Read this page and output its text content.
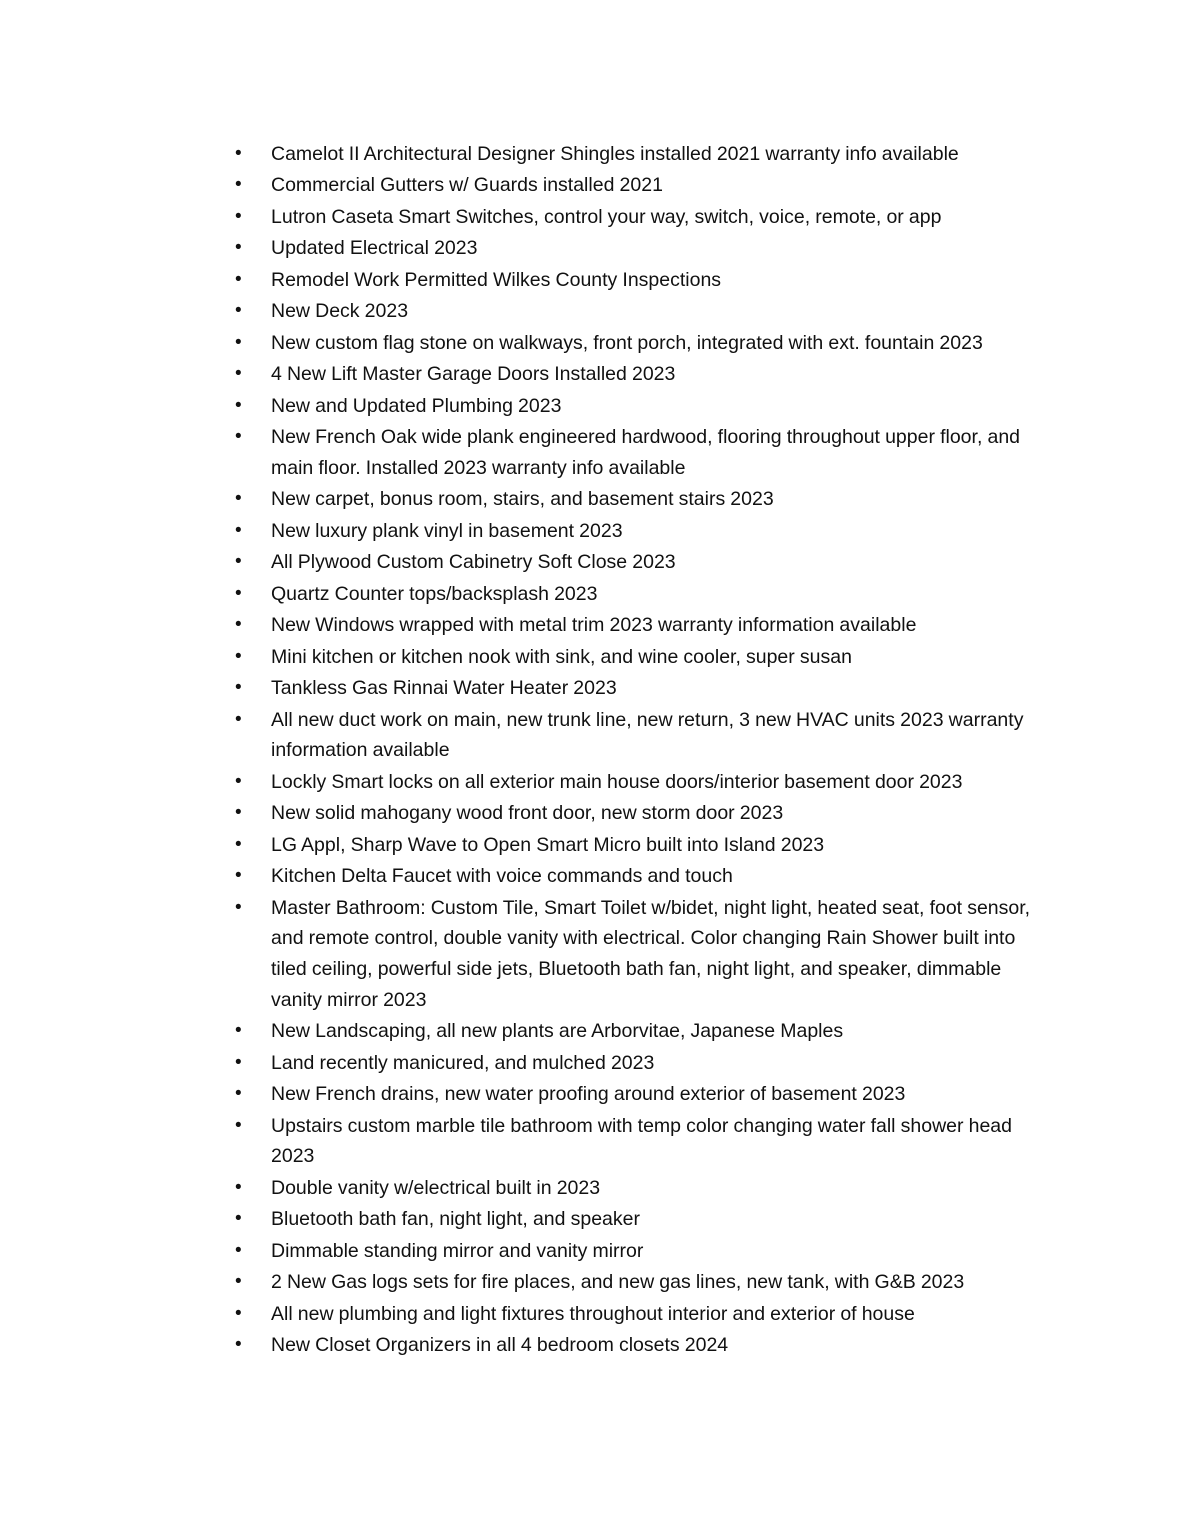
•	Camelot II Architectural Designer Shingles installed 2021 warranty info available
•	Commercial Gutters w/ Guards installed 2021
•	Lutron Caseta Smart Switches, control your way, switch, voice, remote, or app
•	Updated Electrical 2023
•	Remodel Work Permitted Wilkes County Inspections
•	New Deck 2023
•	New custom flag stone on walkways, front porch, integrated with ext. fountain 2023
•	4 New Lift Master Garage Doors Installed 2023
•	New and Updated Plumbing 2023
•	New French Oak wide plank engineered hardwood, flooring throughout upper floor, and main floor. Installed 2023 warranty info available
•	New carpet, bonus room, stairs, and basement stairs 2023
•	New luxury plank vinyl in basement 2023
•	All Plywood Custom Cabinetry Soft Close 2023
•	Quartz Counter tops/backsplash 2023
•	New Windows wrapped with metal trim 2023 warranty information available
•	Mini kitchen or kitchen nook with sink, and wine cooler, super susan
•	Tankless Gas Rinnai Water Heater 2023
•	All new duct work on main, new trunk line, new return, 3 new HVAC units 2023 warranty information available
•	Lockly Smart locks on all exterior main house doors/interior basement door 2023
•	New solid mahogany wood front door, new storm door 2023
•	LG Appl, Sharp Wave to Open Smart Micro built into Island 2023
•	Kitchen Delta Faucet with voice commands and touch
•	Master Bathroom: Custom Tile, Smart Toilet w/bidet, night light, heated seat, foot sensor, and remote control, double vanity with electrical. Color changing Rain Shower built into tiled ceiling, powerful side jets, Bluetooth bath fan, night light, and speaker, dimmable vanity mirror 2023
•	New Landscaping, all new plants are Arborvitae, Japanese Maples
•	Land recently manicured, and mulched 2023
•	New French drains, new water proofing around exterior of basement 2023
•	Upstairs custom marble tile bathroom with temp color changing water fall shower head 2023
•	Double vanity w/electrical built in 2023
•	Bluetooth bath fan, night light, and speaker
•	Dimmable standing mirror and vanity mirror
•	2 New Gas logs sets for fire places, and new gas lines, new tank, with G&B 2023
•	All new plumbing and light fixtures throughout interior and exterior of house
•	New Closet Organizers in all 4 bedroom closets 2024
